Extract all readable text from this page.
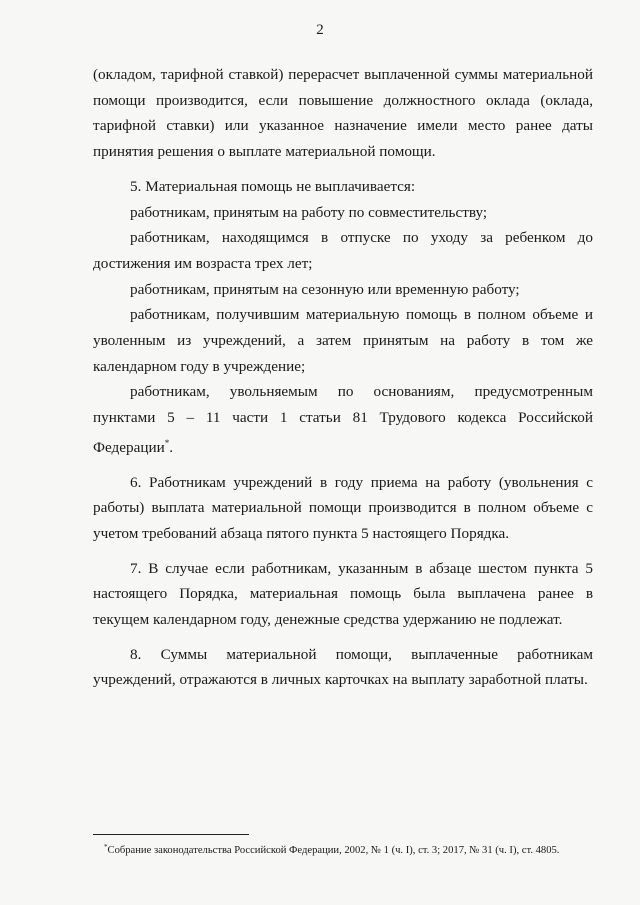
2

(окладом, тарифной ставкой) перерасчет выплаченной суммы материальной помощи производится, если повышение должностного оклада (оклада, тарифной ставки) или указанное назначение имели место ранее даты принятия решения о выплате материальной помощи.

5. Материальная помощь не выплачивается:

работникам, принятым на работу по совместительству;

работникам, находящимся в отпуске по уходу за ребенком до достижения им возраста трех лет;

работникам, принятым на сезонную или временную работу;

работникам, получившим материальную помощь в полном объеме и уволенным из учреждений, а затем принятым на работу в том же календарном году в учреждение;

работникам, увольняемым по основаниям, предусмотренным пунктами 5 – 11 части 1 статьи 81 Трудового кодекса Российской Федерации*.

6. Работникам учреждений в году приема на работу (увольнения с работы) выплата материальной помощи производится в полном объеме с учетом требований абзаца пятого пункта 5 настоящего Порядка.

7. В случае если работникам, указанным в абзаце шестом пункта 5 настоящего Порядка, материальная помощь была выплачена ранее в текущем календарном году, денежные средства удержанию не подлежат.

8. Суммы материальной помощи, выплаченные работникам учреждений, отражаются в личных карточках на выплату заработной платы.

*Собрание законодательства Российской Федерации, 2002, № 1 (ч. I), ст. 3; 2017, № 31 (ч. I), ст. 4805.
